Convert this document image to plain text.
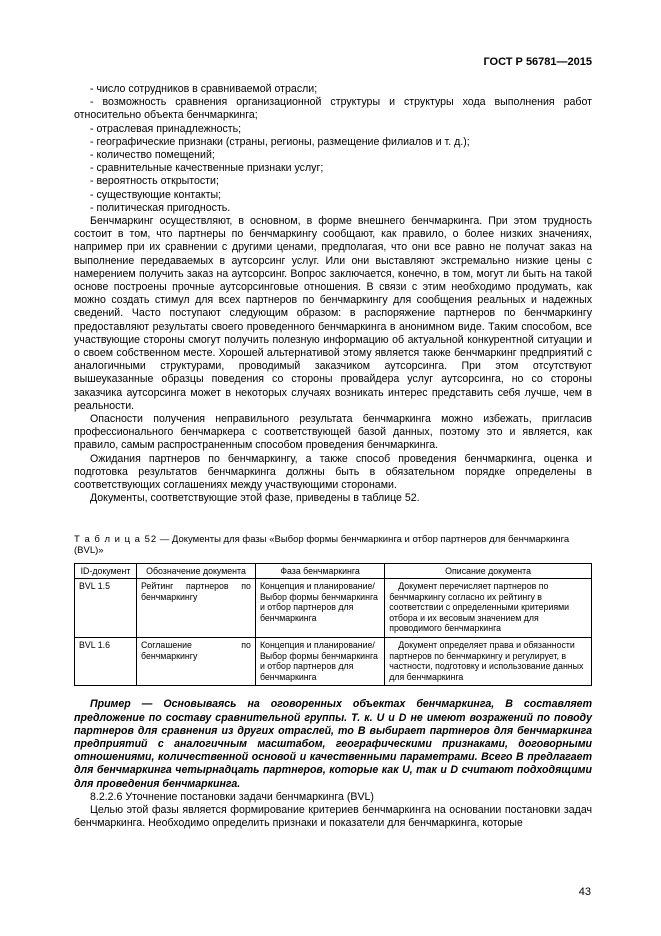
ГОСТ Р 56781—2015

- число сотрудников в сравниваемой отрасли;

- возможность сравнения организационной структуры и структуры хода выполнения работ относительно объекта бенчмаркинга;

- отраслевая принадлежность;

- географические признаки (страны, регионы, размещение филиалов и т. д.);

- количество помещений;

- сравнительные качественные признаки услуг;

- вероятность открытости;

- существующие контакты;

- политическая пригодность.

Бенчмаркинг осуществляют, в основном, в форме внешнего бенчмаркинга. При этом трудность состоит в том, что партнеры по бенчмаркингу сообщают, как правило, о более низких значениях, например при их сравнении с другими ценами, предполагая, что они все равно не получат заказ на выполнение передаваемых в аутсорсинг услуг. Или они выставляют экстремально низкие цены с намерением получить заказ на аутсорсинг. Вопрос заключается, конечно, в том, могут ли быть на такой основе построены прочные аутсорсинговые отношения. В связи с этим необходимо продумать, как можно создать стимул для всех партнеров по бенчмаркингу для сообщения реальных и надежных сведений. Часто поступают следующим образом: в распоряжение партнеров по бенчмаркингу предоставляют результаты своего проведенного бенчмаркинга в анонимном виде. Таким способом, все участвующие стороны смогут получить полезную информацию об актуальной конкурентной ситуации и о своем собственном месте. Хорошей альтернативой этому является также бенчмаркинг предприятий с аналогичными структурами, проводимый заказчиком аутсорсинга. При этом отсутствуют вышеуказанные образцы поведения со стороны провайдера услуг аутсорсинга, но со стороны заказчика аутсорсинга может в некоторых случаях возникать интерес представить себя лучше, чем в реальности.

Опасности получения неправильного результата бенчмаркинга можно избежать, пригласив профессионального бенчмаркера с соответствующей базой данных, поэтому это и является, как правило, самым распространенным способом проведения бенчмаркинга.

Ожидания партнеров по бенчмаркингу, а также способ проведения бенчмаркинга, оценка и подготовка результатов бенчмаркинга должны быть в обязательном порядке определены в соответствующих соглашениях между участвующими сторонами.

Документы, соответствующие этой фазе, приведены в таблице 52.

Т а б л и ц а 52 — Документы для фазы «Выбор формы бенчмаркинга и отбор партнеров для бенчмаркинга (BVL)»

ID-документ	Обозначение документа	Фаза бенчмаркинга	Описание документа
BVL 1.5	Рейтинг партнеров по бенчмаркингу	Концепция и планирование/ Выбор формы бенчмаркинга и отбор партнеров для бенчмаркинга	Документ перечисляет партнеров по бенчмаркингу согласно их рейтингу в соответствии с определенными критериями отбора и их весовым значением для проводимого бенчмаркинга
BVL 1.6	Соглашение по бенчмаркингу	Концепция и планирование/ Выбор формы бенчмаркинга и отбор партнеров для бенчмаркинга	Документ определяет права и обязанности партнеров по бенчмаркингу и регулирует, в частности, подготовку и использование данных для бенчмаркинга

Пример — Основываясь на оговоренных объектах бенчмаркинга, В составляет предложение по составу сравнительной группы. Т. к. U и D не имеют возражений по поводу партнеров для сравнения из других отраслей, то В выбирает партнеров для бенчмаркинга предприятий с аналогичным масштабом, географическими признаками, договорными отношениями, количественной основой и качественными параметрами. Всего В предлагает для бенчмаркинга четырнадцать партнеров, которые как U, так и D считают подходящими для проведения бенчмаркинга.

8.2.2.6 Уточнение постановки задачи бенчмаркинга (BVL)

Целью этой фазы является формирование критериев бенчмаркинга на основании постановки задач бенчмаркинга. Необходимо определить признаки и показатели для бенчмаркинга, которые

43
